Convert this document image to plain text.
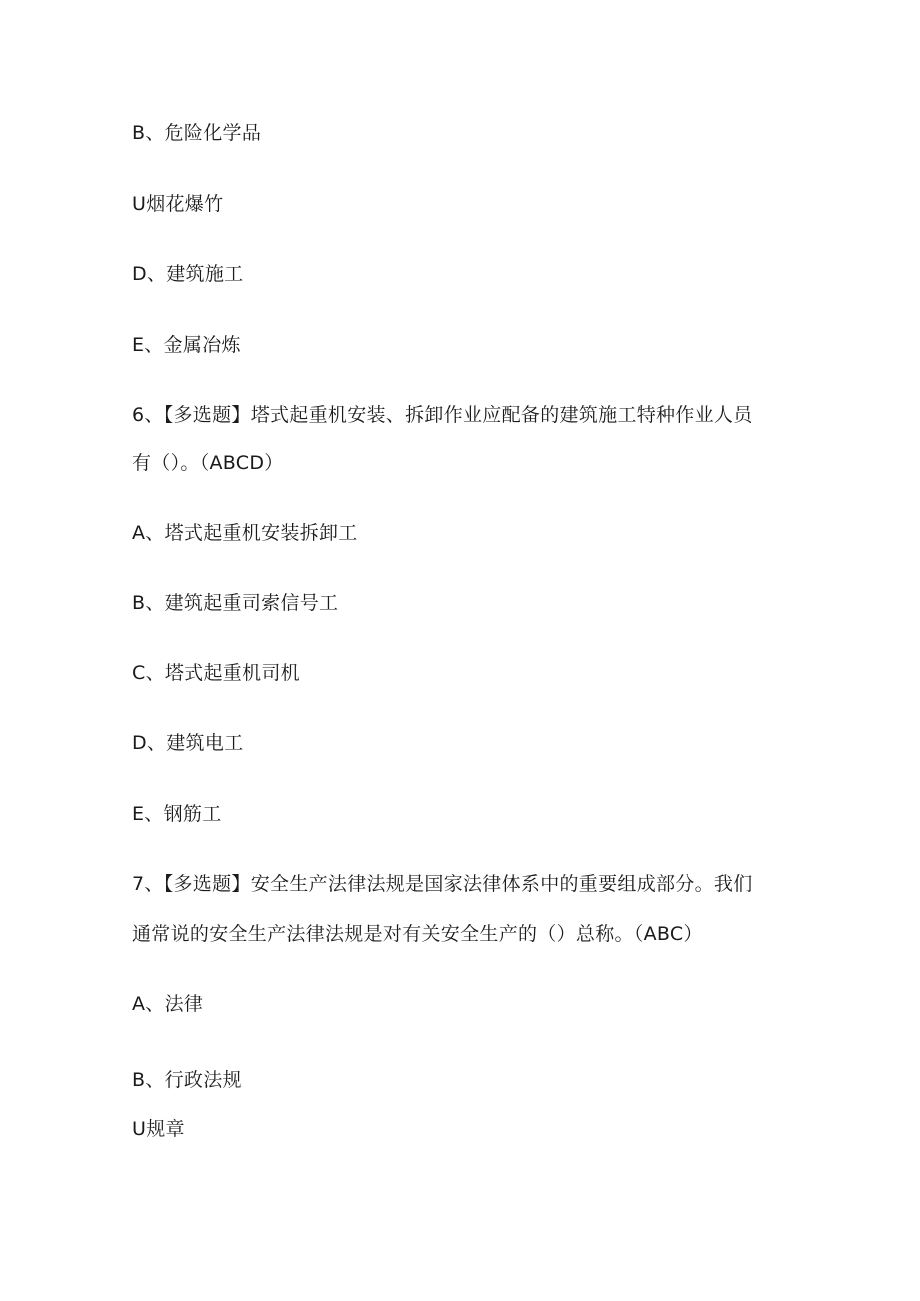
B、危险化学品
U烟花爆竹
D、建筑施工
E、金属冶炼
6、【多选题】塔式起重机安装、拆卸作业应配备的建筑施工特种作业人员
有（）。（ABCD）
A、塔式起重机安装拆卸工
B、建筑起重司索信号工
C、塔式起重机司机
D、建筑电工
E、钢筋工
7、【多选题】安全生产法律法规是国家法律体系中的重要组成部分。我们
通常说的安全生产法律法规是对有关安全生产的（）总称。（ABC）
A、法律
B、行政法规
U规章
